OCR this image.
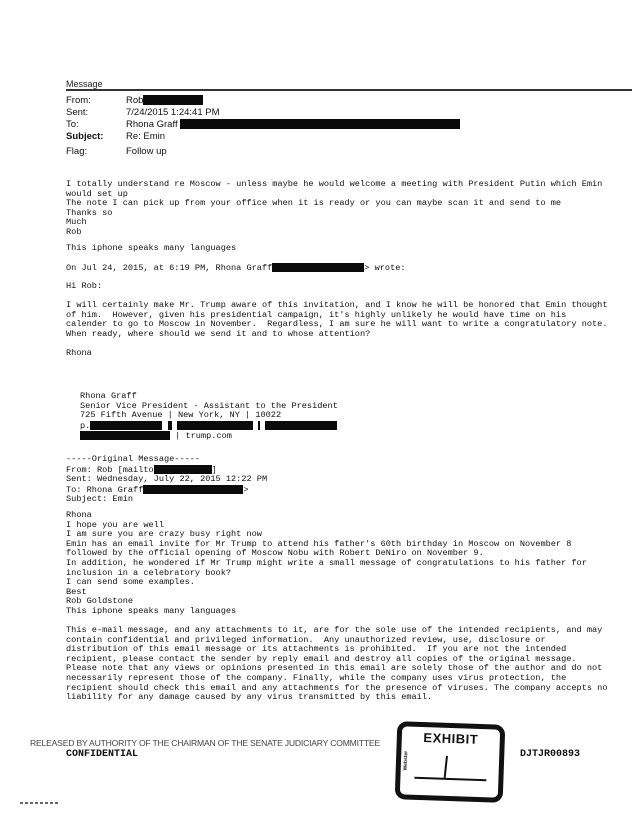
Message
From:	Rob
Sent:	7/24/2015 1:24:41 PM
To:	Rhona Graff
Subject: Re: Emin
Flag:	Follow up
I totally understand re Moscow - unless maybe he would welcome a meeting with President Putin which Emin
would set up
The note I can pick up from your office when it is ready or you can maybe scan it and send to me
Thanks so
Much
Rob
This iphone speaks many languages
On Jul 24, 2015, at 6:19 PM, Rhona Graff	> wrote:
Hi Rob:
I will certainly make Mr. Trump aware of this invitation, and I know he will be honored that Emin thought
of him.  However, given his presidential campaign, it's highly unlikely he would have time on his
calender to go to Moscow in November.  Regardless, I am sure he will want to write a congratulatory note.
When ready, where should we send it and to whose attention?
Rhona
Rhona Graff
Senior Vice President - Assistant to the President
725 Fifth Avenue | New York, NY | 10022
p.
| trump.com
-----Original Message-----
From: Rob [mailto	]
Sent: Wednesday, July 22, 2015 12:22 PM
To: Rhona Graff	>
Subject: Emin
Rhona
I hope you are well
I am sure you are crazy busy right now
Emin has an email invite for Mr Trump to attend his father's 60th birthday in Moscow on November 8
followed by the official opening of Moscow Nobu with Robert DeNiro on November 9.
In addition, he wondered if Mr Trump might write a small message of congratulations to his father for
inclusion in a celebratory book?
I can send some examples.
Best
Rob Goldstone
This iphone speaks many languages
This e-mail message, and any attachments to it, are for the sole use of the intended recipients, and may
contain confidential and privileged information.  Any unauthorized review, use, disclosure or
distribution of this email message or its attachments is prohibited.  If you are not the intended
recipient, please contact the sender by reply email and destroy all copies of the original message.
Please note that any views or opinions presented in this email are solely those of the author and do not
necessarily represent those of the company. Finally, while the company uses virus protection, the
recipient should check this email and any attachments for the presence of viruses. The company accepts no
liability for any damage caused by any virus transmitted by this email.
RELEASED BY AUTHORITY OF THE CHAIRMAN OF THE SENATE JUDICIARY COMMITTEE
CONFIDENTIAL
EXHIBIT
Webster	DJTJR00893
